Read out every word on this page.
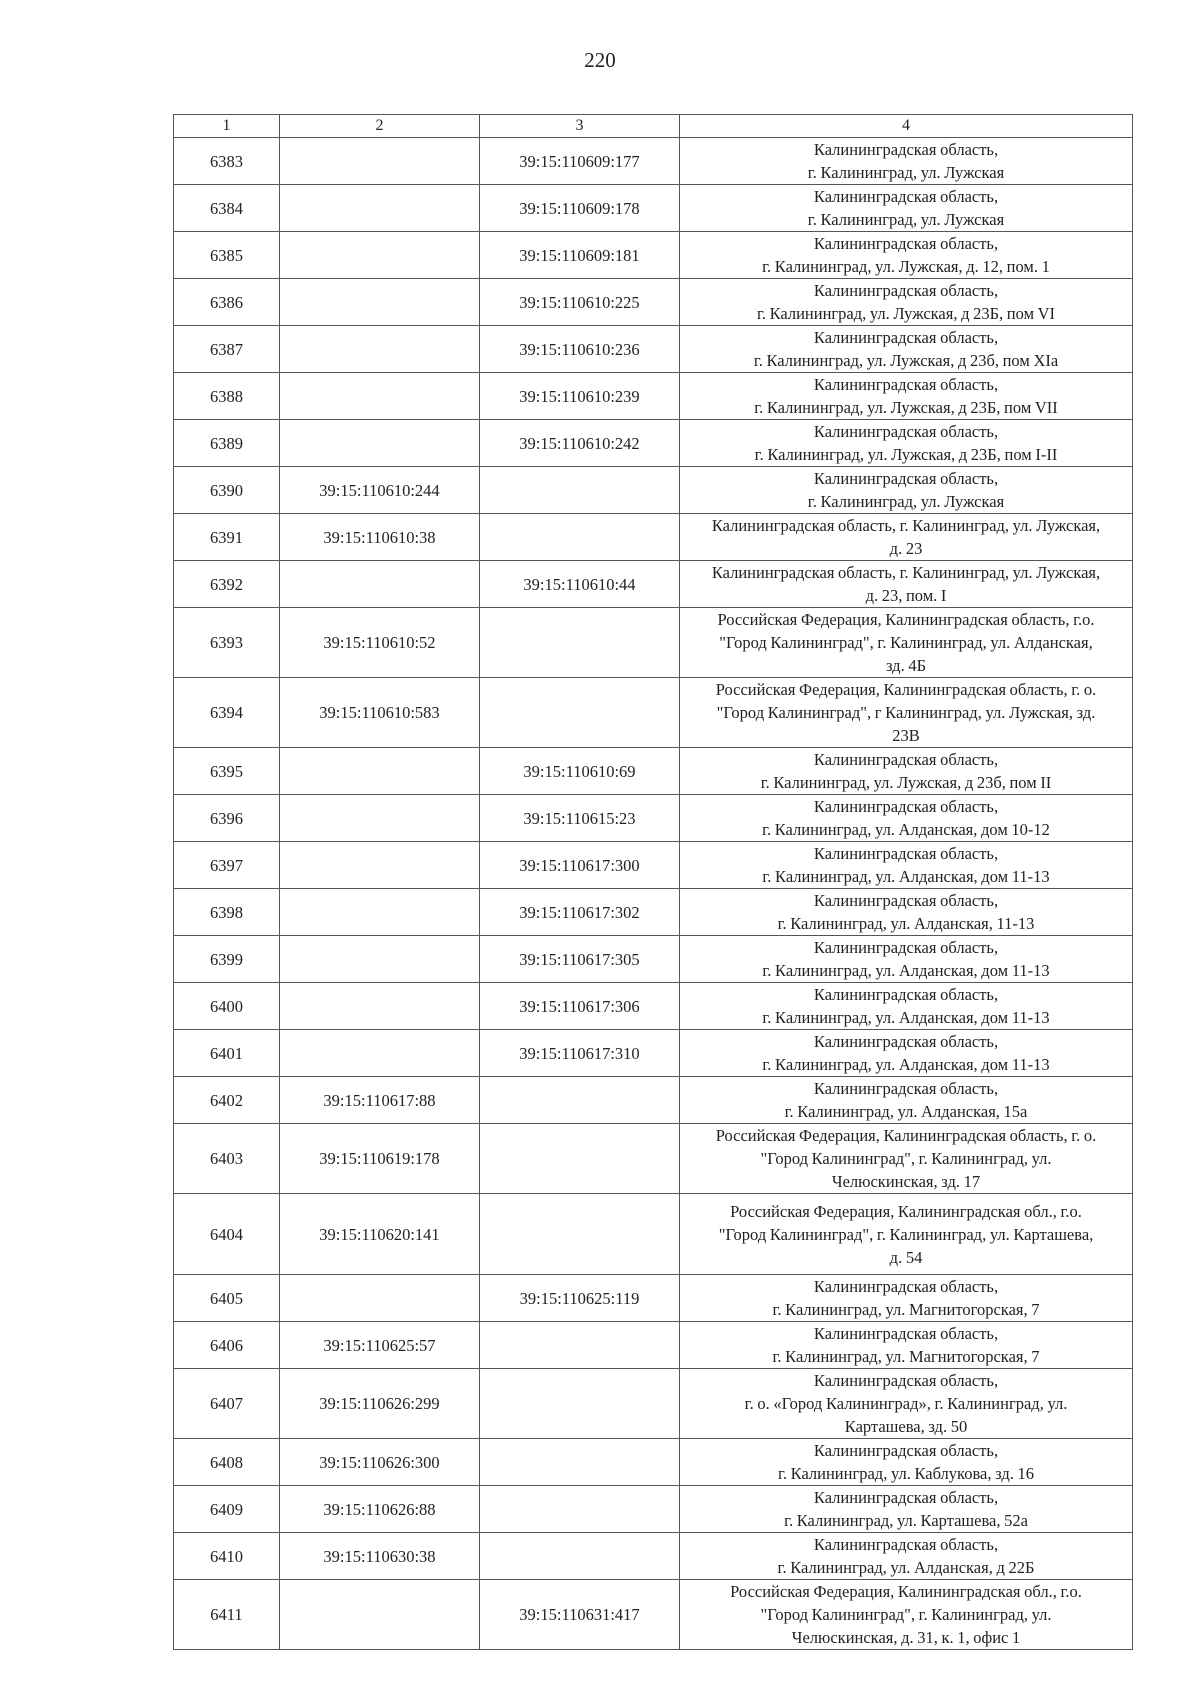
220
1	2	3	4
6383		39:15:110609:177	Калининградская область,
г. Калининград, ул. Лужская
6384		39:15:110609:178	Калининградская область,
г. Калининград, ул. Лужская
6385		39:15:110609:181	Калининградская область,
г. Калининград, ул. Лужская, д. 12, пом. 1
6386		39:15:110610:225	Калининградская область,
г. Калининград, ул. Лужская, д 23Б, пом VI
6387		39:15:110610:236	Калининградская область,
г. Калининград, ул. Лужская, д 23б, пом XIa
6388		39:15:110610:239	Калининградская область,
г. Калининград, ул. Лужская, д 23Б, пом VII
6389		39:15:110610:242	Калининградская область,
г. Калининград, ул. Лужская, д 23Б, пом I-II
6390	39:15:110610:244		Калининградская область,
г. Калининград, ул. Лужская
6391	39:15:110610:38		Калининградская область, г. Калининград, ул. Лужская,
д. 23
6392		39:15:110610:44	Калининградская область, г. Калининград, ул. Лужская,
д. 23, пом. I
6393	39:15:110610:52		Российская Федерация, Калининградская область, г.о.
"Город Калининград", г. Калининград, ул. Алданская,
зд. 4Б
6394	39:15:110610:583		Российская Федерация, Калининградская область, г. о.
"Город Калининград", г Калининград, ул. Лужская, зд.
23В
6395		39:15:110610:69	Калининградская область,
г. Калининград, ул. Лужская, д 23б, пом II
6396		39:15:110615:23	Калининградская область,
г. Калининград, ул. Алданская, дом 10-12
6397		39:15:110617:300	Калининградская область,
г. Калининград, ул. Алданская, дом 11-13
6398		39:15:110617:302	Калининградская область,
г. Калининград, ул. Алданская, 11-13
6399		39:15:110617:305	Калининградская область,
г. Калининград, ул. Алданская, дом 11-13
6400		39:15:110617:306	Калининградская область,
г. Калининград, ул. Алданская, дом 11-13
6401		39:15:110617:310	Калининградская область,
г. Калининград, ул. Алданская, дом 11-13
6402	39:15:110617:88		Калининградская область,
г. Калининград, ул. Алданская, 15а
6403	39:15:110619:178		Российская Федерация, Калининградская область, г. о.
"Город Калининград", г. Калининград, ул.
Челюскинская, зд. 17
6404	39:15:110620:141		Российская Федерация, Калининградская обл., г.о.
"Город Калининград", г. Калининград, ул. Карташева,
д. 54
6405		39:15:110625:119	Калининградская область,
г. Калининград, ул. Магнитогорская, 7
6406	39:15:110625:57		Калининградская область,
г. Калининград, ул. Магнитогорская, 7
6407	39:15:110626:299		Калининградская область,
г. о. «Город Калининград», г. Калининград, ул.
Карташева, зд. 50
6408	39:15:110626:300		Калининградская область,
г. Калининград, ул. Каблукова, зд. 16
6409	39:15:110626:88		Калининградская область,
г. Калининград, ул. Карташева, 52а
6410	39:15:110630:38		Калининградская область,
г. Калининград, ул. Алданская, д 22Б
6411		39:15:110631:417	Российская Федерация, Калининградская обл., г.о.
"Город Калининград", г. Калининград, ул.
Челюскинская, д. 31, к. 1, офис 1
